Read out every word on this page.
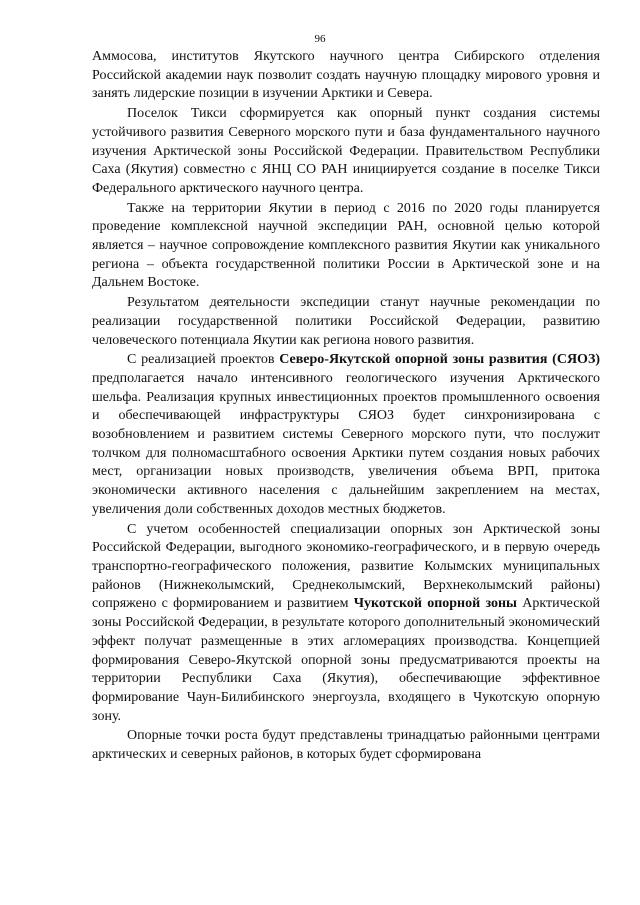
96

Аммосова, институтов Якутского научного центра Сибирского отделения Российской академии наук позволит создать научную площадку мирового уровня и занять лидерские позиции в изучении Арктики и Севера.

Поселок Тикси сформируется как опорный пункт создания системы устойчивого развития Северного морского пути и база фундаментального научного изучения Арктической зоны Российской Федерации. Правительством Республики Саха (Якутия) совместно с ЯНЦ СО РАН инициируется создание в поселке Тикси Федерального арктического научного центра.

Также на территории Якутии в период с 2016 по 2020 годы планируется проведение комплексной научной экспедиции РАН, основной целью которой является – научное сопровождение комплексного развития Якутии как уникального региона – объекта государственной политики России в Арктической зоне и на Дальнем Востоке.

Результатом деятельности экспедиции станут научные рекомендации по реализации государственной политики Российской Федерации, развитию человеческого потенциала Якутии как региона нового развития.

С реализацией проектов Северо-Якутской опорной зоны развития (СЯОЗ) предполагается начало интенсивного геологического изучения Арктического шельфа. Реализация крупных инвестиционных проектов промышленного освоения и обеспечивающей инфраструктуры СЯОЗ будет синхронизирована с возобновлением и развитием системы Северного морского пути, что послужит толчком для полномасштабного освоения Арктики путем создания новых рабочих мест, организации новых производств, увеличения объема ВРП, притока экономически активного населения с дальнейшим закреплением на местах, увеличения доли собственных доходов местных бюджетов.

С учетом особенностей специализации опорных зон Арктической зоны Российской Федерации, выгодного экономико-географического, и в первую очередь транспортно-географического положения, развитие Колымских муниципальных районов (Нижнеколымский, Среднеколымский, Верхнеколымский районы) сопряжено с формированием и развитием Чукотской опорной зоны Арктической зоны Российской Федерации, в результате которого дополнительный экономический эффект получат размещенные в этих агломерациях производства. Концепцией формирования Северо-Якутской опорной зоны предусматриваются проекты на территории Республики Саха (Якутия), обеспечивающие эффективное формирование Чаун-Билибинского энергоузла, входящего в Чукотскую опорную зону.

Опорные точки роста будут представлены тринадцатью районными центрами арктических и северных районов, в которых будет сформирована
